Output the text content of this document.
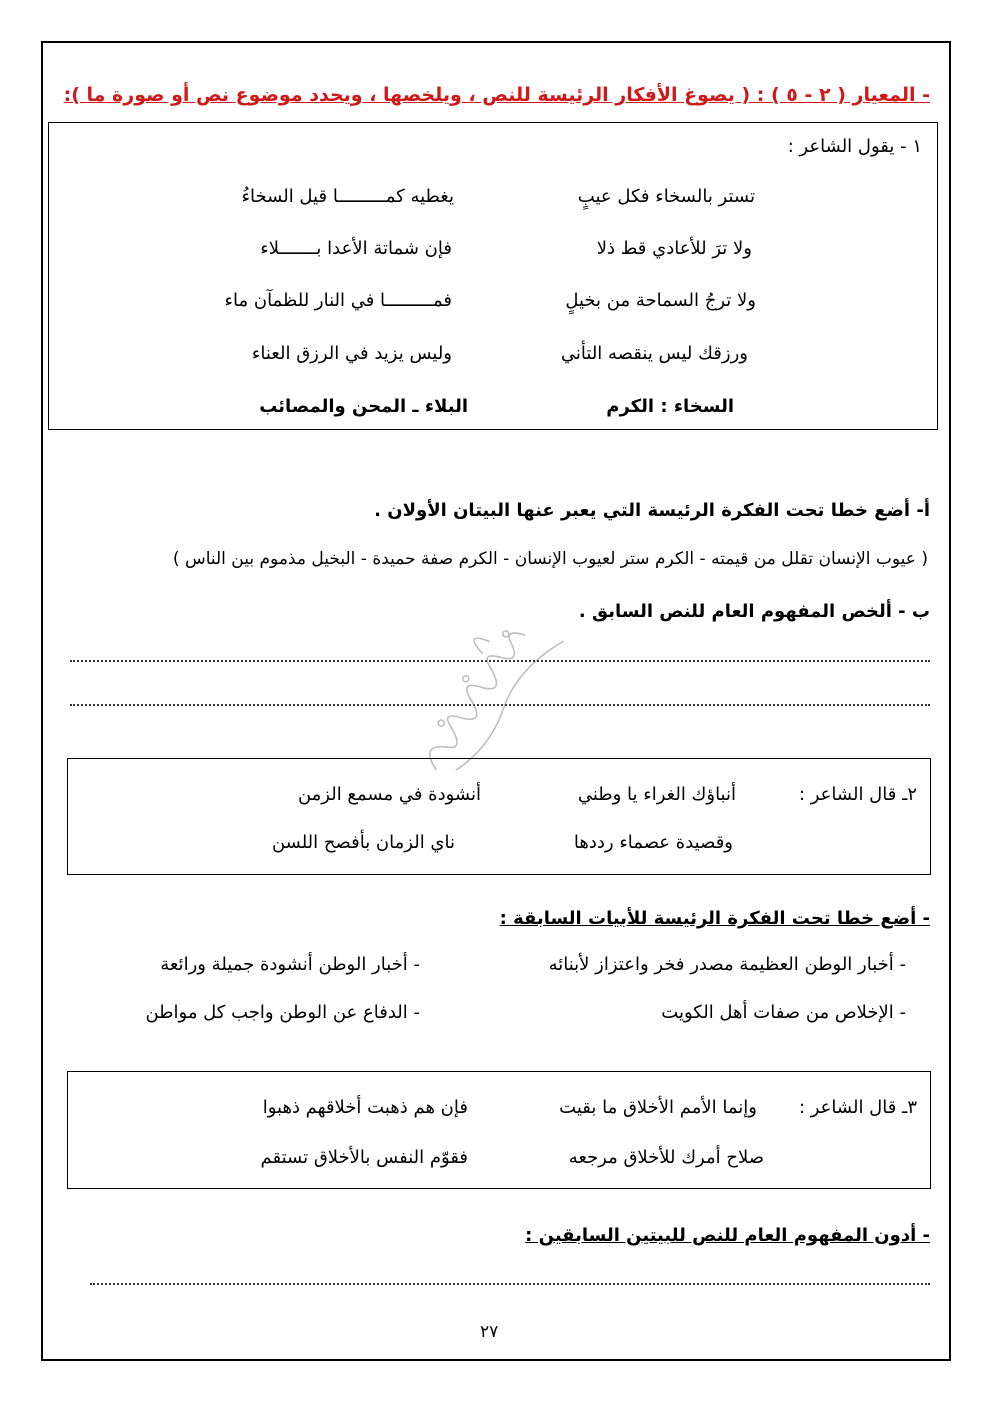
- المعيار ( ٢ - ٥ ) : ( يصوغ الأفكار الرئيسة للنص ، ويلخصها ، ويحدد موضوع نص أو صورة ما ):
١ - يقول الشاعر :
تستر بالسخاء فكل عيبٍ
يغطيه كمـــــــــا قيل السخاءُ
ولا ترَ للأعادي قط ذلا
فإن شماتة الأعدا بـــــــلاء
ولا ترجُ السماحة من بخيلٍ
فمـــــــــا في النار للظمآن ماء
ورزقك ليس ينقصه التأني
وليس يزيد في الرزق العناء
السخاء : الكرم
البلاء ـ المحن والمصائب
أ- أضع خطا تحت الفكرة الرئيسة التي يعبر عنها البيتان الأولان .
( عيوب الإنسان تقلل من قيمته - الكرم ستر لعيوب الإنسان - الكرم صفة حميدة - البخيل مذموم بين الناس )
ب - ألخص المفهوم العام للنص السابق .
٢ـ قال الشاعر :
أنباؤك الغراء يا وطني
أنشودة في مسمع الزمن
وقصيدة عصماء رددها
ناي الزمان بأفصح اللسن
- أضع خطا تحت الفكرة الرئيسة للأبيات السابقة :
- أخبار الوطن العظيمة مصدر فخر واعتزاز لأبنائه
- أخبار الوطن أنشودة جميلة ورائعة
- الإخلاص من صفات أهل الكويت
- الدفاع عن الوطن واجب كل مواطن
٣ـ قال الشاعر :
وإنما الأمم الأخلاق ما بقيت
فإن هم ذهبت أخلاقهم ذهبوا
صلاح أمرك للأخلاق مرجعه
فقوّم النفس بالأخلاق تستقم
- أدون المفهوم العام للنص للبيتين السابقين :
٢٧
